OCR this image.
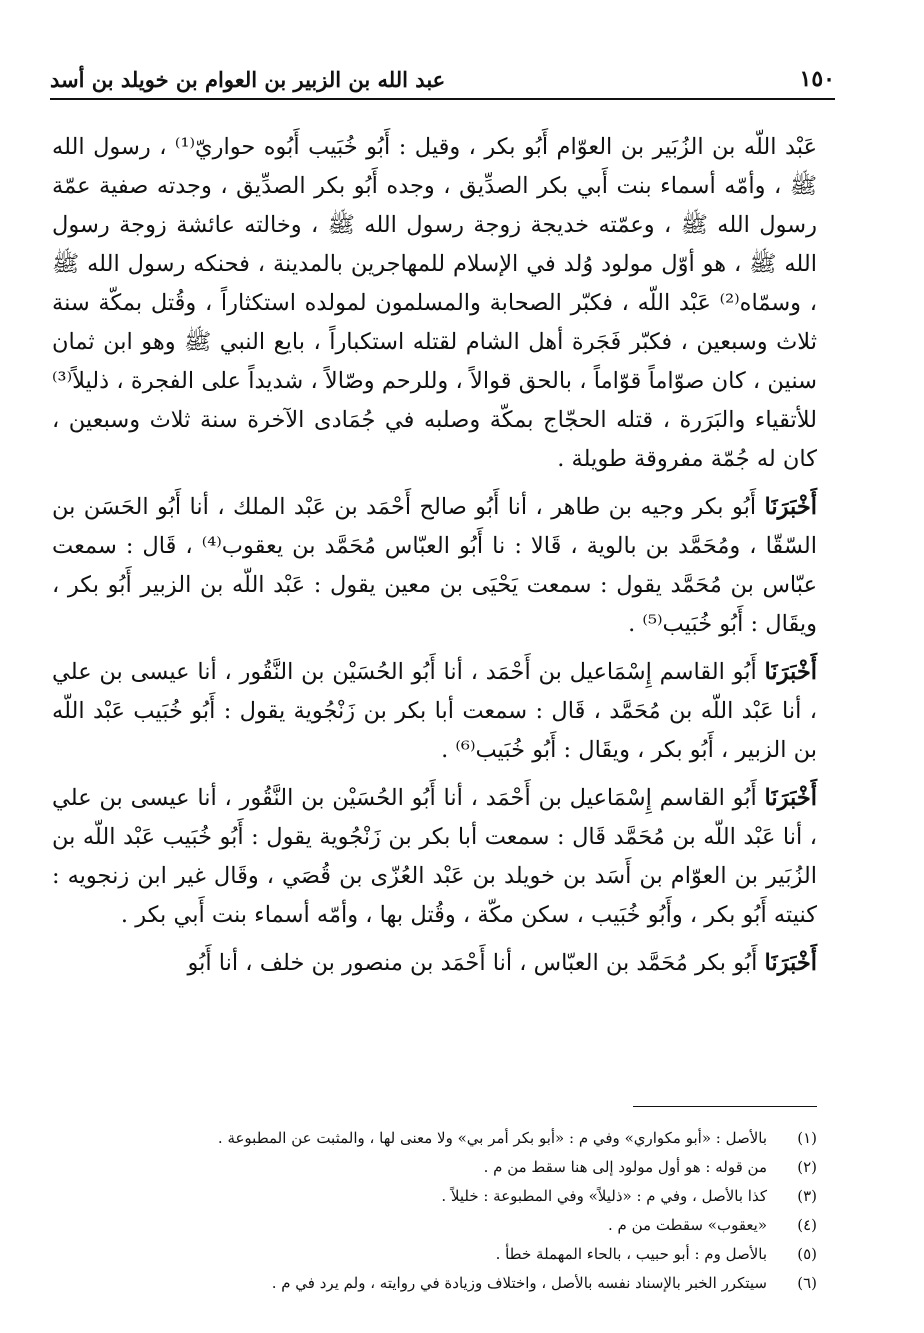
١٥٠
عبد الله بن الزبير بن العوام بن خويلد بن أسد

عَبْد اللّه بن الزُبَير بن العوّام أَبُو بكر ، وقيل : أَبُو خُبَيب أَبُوه حواريّ⁽¹⁾ ، رسول الله ﷺ ، وأمّه أسماء بنت أَبي بكر الصدِّيق ، وجده أَبُو بكر الصدِّيق ، وجدته صفية عمّة رسول الله ﷺ ، وعمّته خديجة زوجة رسول الله ﷺ ، وخالته عائشة زوجة رسول الله ﷺ ، هو أوّل مولود وُلد في الإسلام للمهاجرين بالمدينة ، فحنكه رسول الله ﷺ ، وسمّاه⁽²⁾ عَبْد اللّه ، فكبّر الصحابة والمسلمون لمولده استكثاراً ، وقُتل بمكّة سنة ثلاث وسبعين ، فكبّر فَجَرة أهل الشام لقتله استكباراً ، بايع النبي ﷺ وهو ابن ثمان سنين ، كان صوّاماً قوّاماً ، بالحق قوالاً ، وللرحم وصّالاً ، شديداً على الفجرة ، ذليلاً⁽³⁾ للأتقياء والبَرَرة ، قتله الحجّاج بمكّة وصلبه في جُمَادى الآخرة سنة ثلاث وسبعين ، كان له جُمّة مفروقة طويلة .

أَخْبَرَنَا أَبُو بكر وجيه بن طاهر ، أنا أَبُو صالح أَحْمَد بن عَبْد الملك ، أنا أَبُو الحَسَن بن السّقّا ، ومُحَمَّد بن بالوية ، قَالا : نا أَبُو العبّاس مُحَمَّد بن يعقوب⁽⁴⁾ ، قَال : سمعت عبّاس بن مُحَمَّد يقول : سمعت يَحْيَى بن معين يقول : عَبْد اللّه بن الزبير أَبُو بكر ، ويقَال : أَبُو خُبَيب⁽⁵⁾ .

أَخْبَرَنَا أَبُو القاسم إِسْمَاعيل بن أَحْمَد ، أنا أَبُو الحُسَيْن بن النَّقُور ، أنا عيسى بن علي ، أنا عَبْد اللّه بن مُحَمَّد ، قَال : سمعت أبا بكر بن زَنْجُوية يقول : أَبُو خُبَيب عَبْد اللّه بن الزبير ، أَبُو بكر ، ويقَال : أَبُو خُبَيب⁽⁶⁾ .

أَخْبَرَنَا أَبُو القاسم إِسْمَاعيل بن أَحْمَد ، أنا أَبُو الحُسَيْن بن النَّقُور ، أنا عيسى بن علي ، أنا عَبْد اللّه بن مُحَمَّد قَال : سمعت أبا بكر بن زَنْجُوية يقول : أَبُو خُبَيب عَبْد اللّه بن الزُبَير بن العوّام بن أَسَد بن خويلد بن عَبْد العُزّى بن قُصَي ، وقَال غير ابن زنجويه : كنيته أَبُو بكر ، وأَبُو خُبَيب ، سكن مكّة ، وقُتل بها ، وأمّه أسماء بنت أَبي بكر .

أَخْبَرَنَا أَبُو بكر مُحَمَّد بن العبّاس ، أنا أَحْمَد بن منصور بن خلف ، أنا أَبُو

(١)
بالأصل : «أبو مكواري» وفي م : «أبو بكر أمر بي» ولا معنى لها ، والمثبت عن المطبوعة .
(٢)
من قوله : هو أول مولود إلى هنا سقط من م .
(٣)
كذا بالأصل ، وفي م : «ذليلاً» وفي المطبوعة : خليلاً .
(٤)
«يعقوب» سقطت من م .
(٥)
بالأصل وم : أبو حبيب ، بالحاء المهملة خطأ .
(٦)
سيتكرر الخبر بالإسناد نفسه بالأصل ، واختلاف وزيادة في روايته ، ولم يرد في م .
